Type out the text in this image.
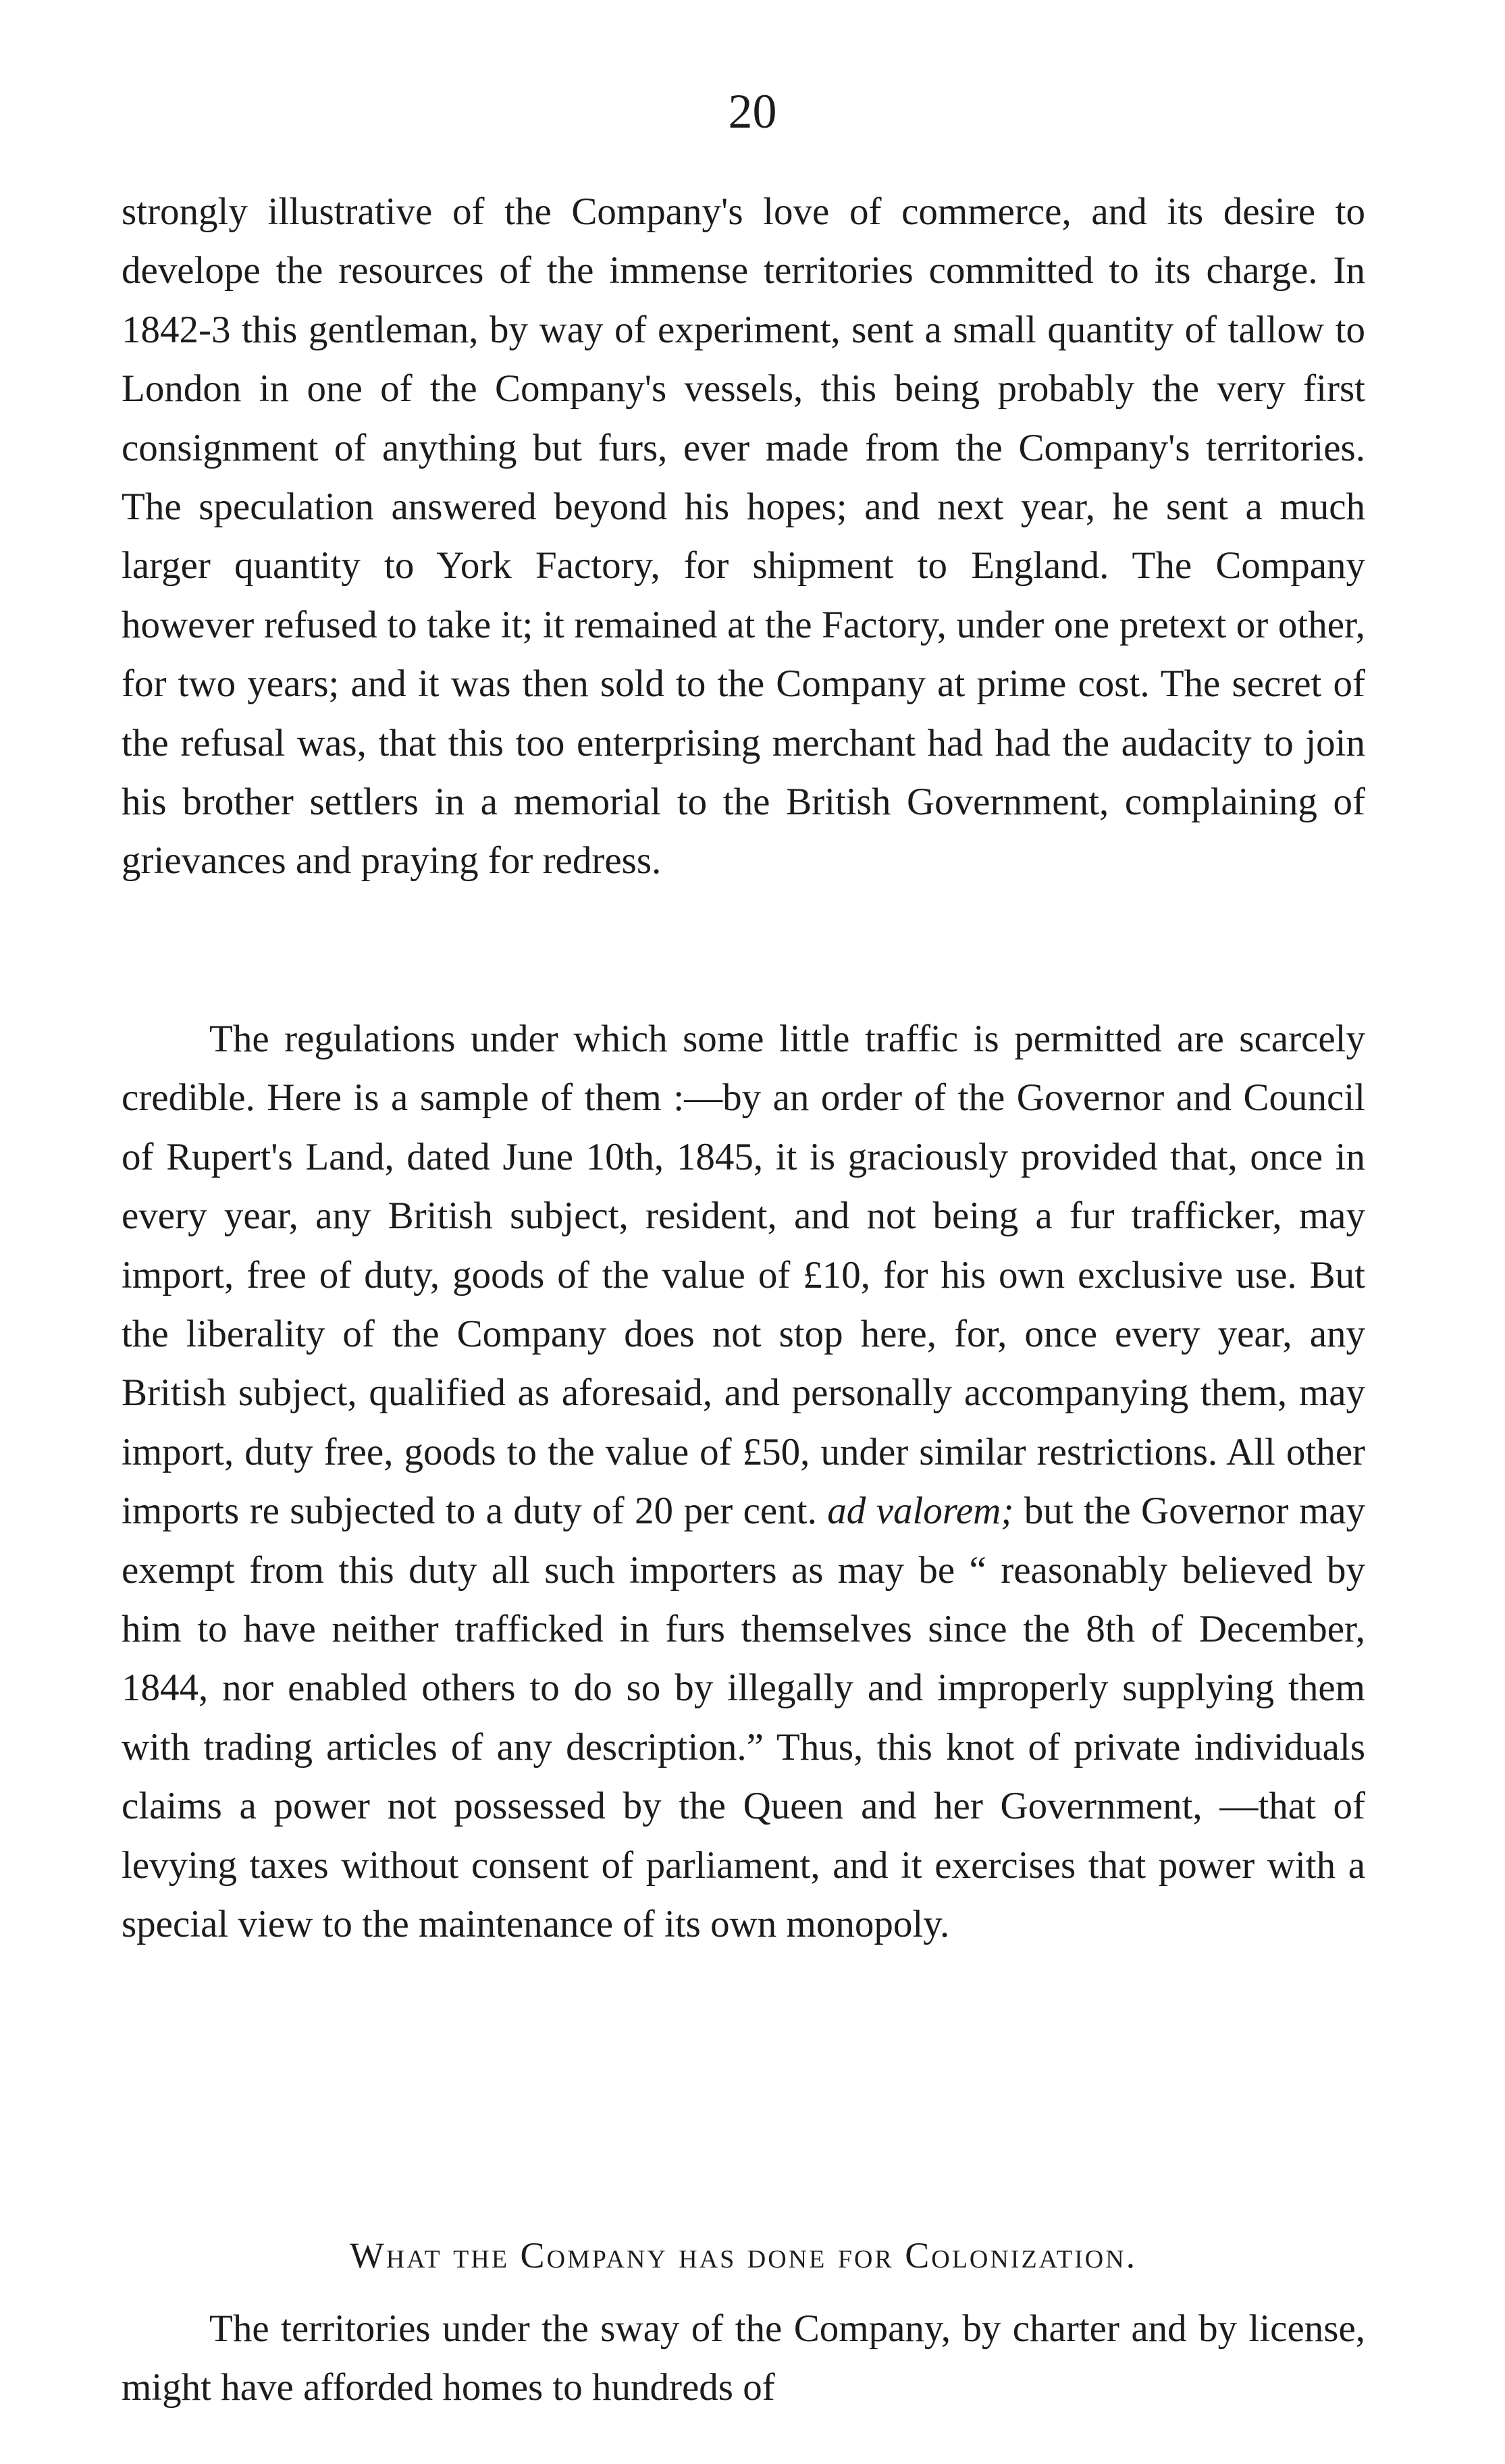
20

strongly illustrative of the Company's love of commerce, and its desire to develope the resources of the immense territories committed to its charge. In 1842-3 this gentleman, by way of experiment, sent a small quantity of tallow to London in one of the Company's vessels, this being probably the very first consignment of anything but furs, ever made from the Company's territories. The speculation answered beyond his hopes; and next year, he sent a much larger quantity to York Factory, for shipment to England. The Company however refused to take it; it remained at the Factory, under one pretext or other, for two years; and it was then sold to the Company at prime cost. The secret of the refusal was, that this too enterprising merchant had had the audacity to join his brother settlers in a memorial to the British Government, complaining of grievances and praying for redress.

The regulations under which some little traffic is permitted are scarcely credible. Here is a sample of them :—by an order of the Governor and Council of Rupert's Land, dated June 10th, 1845, it is graciously provided that, once in every year, any British subject, resident, and not being a fur trafficker, may import, free of duty, goods of the value of £10, for his own exclusive use. But the liberality of the Company does not stop here, for, once every year, any British subject, qualified as aforesaid, and personally accompanying them, may import, duty free, goods to the value of £50, under similar restrictions. All other imports re subjected to a duty of 20 per cent. ad valorem; but the Governor may exempt from this duty all such importers as may be “ reasonably believed by him to have neither trafficked in furs themselves since the 8th of December, 1844, nor enabled others to do so by illegally and improperly supplying them with trading articles of any description.” Thus, this knot of private individuals claims a power not possessed by the Queen and her Government, —that of levying taxes without consent of parliament, and it exercises that power with a special view to the maintenance of its own monopoly.

What the Company has done for Colonization.

The territories under the sway of the Company, by charter and by license, might have afforded homes to hundreds of
